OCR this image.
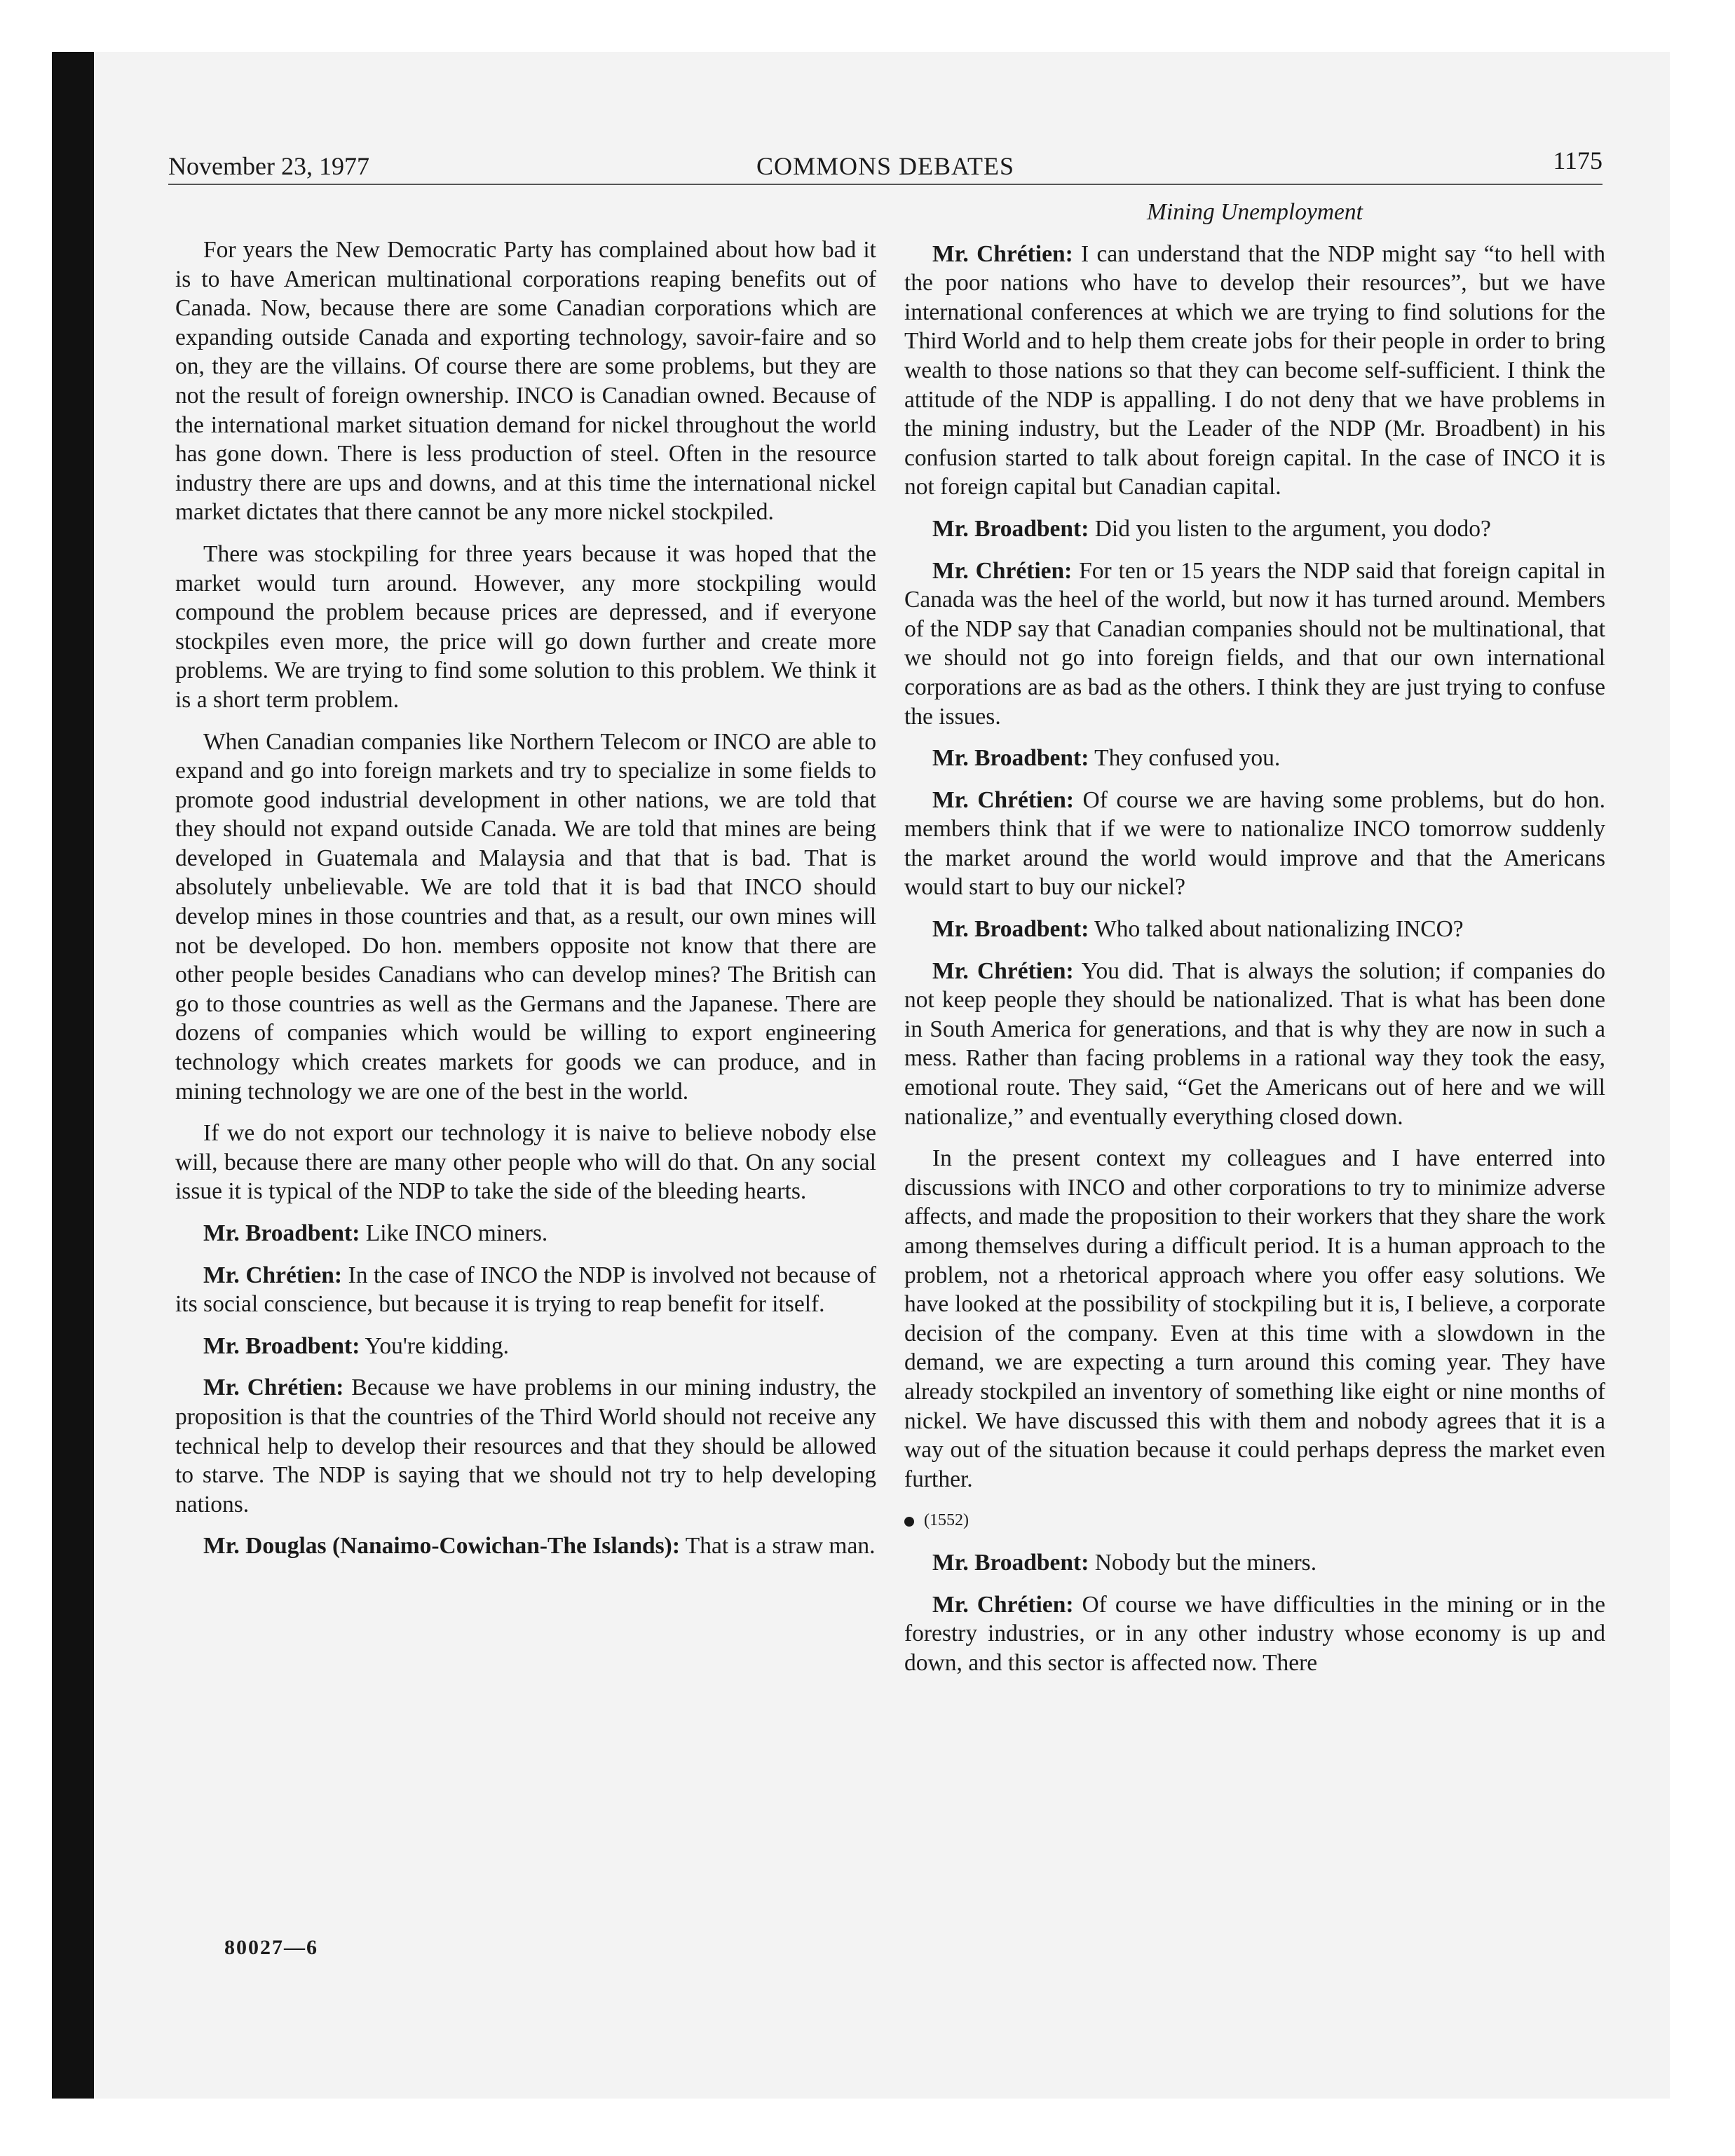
November 23, 1977	COMMONS DEBATES	1175

For years the New Democratic Party has complained about how bad it is to have American multinational corporations reaping benefits out of Canada. Now, because there are some Canadian corporations which are expanding outside Canada and exporting technology, savoir-faire and so on, they are the villains. Of course there are some problems, but they are not the result of foreign ownership. INCO is Canadian owned. Because of the international market situation demand for nickel throughout the world has gone down. There is less production of steel. Often in the resource industry there are ups and downs, and at this time the international nickel market dictates that there cannot be any more nickel stockpiled.

There was stockpiling for three years because it was hoped that the market would turn around. However, any more stockpiling would compound the problem because prices are depressed, and if everyone stockpiles even more, the price will go down further and create more problems. We are trying to find some solution to this problem. We think it is a short term problem.

When Canadian companies like Northern Telecom or INCO are able to expand and go into foreign markets and try to specialize in some fields to promote good industrial development in other nations, we are told that they should not expand outside Canada. We are told that mines are being developed in Guatemala and Malaysia and that that is bad. That is absolutely unbelievable. We are told that it is bad that INCO should develop mines in those countries and that, as a result, our own mines will not be developed. Do hon. members opposite not know that there are other people besides Canadians who can develop mines? The British can go to those countries as well as the Germans and the Japanese. There are dozens of companies which would be willing to export engineering technology which creates markets for goods we can produce, and in mining technology we are one of the best in the world.

If we do not export our technology it is naive to believe nobody else will, because there are many other people who will do that. On any social issue it is typical of the NDP to take the side of the bleeding hearts.

Mr. Broadbent: Like INCO miners.

Mr. Chrétien: In the case of INCO the NDP is involved not because of its social conscience, but because it is trying to reap benefit for itself.

Mr. Broadbent: You're kidding.

Mr. Chrétien: Because we have problems in our mining industry, the proposition is that the countries of the Third World should not receive any technical help to develop their resources and that they should be allowed to starve. The NDP is saying that we should not try to help developing nations.

Mr. Douglas (Nanaimo-Cowichan-The Islands): That is a straw man.

Mining Unemployment

Mr. Chrétien: I can understand that the NDP might say “to hell with the poor nations who have to develop their resources”, but we have international conferences at which we are trying to find solutions for the Third World and to help them create jobs for their people in order to bring wealth to those nations so that they can become self-sufficient. I think the attitude of the NDP is appalling. I do not deny that we have problems in the mining industry, but the Leader of the NDP (Mr. Broadbent) in his confusion started to talk about foreign capital. In the case of INCO it is not foreign capital but Canadian capital.

Mr. Broadbent: Did you listen to the argument, you dodo?

Mr. Chrétien: For ten or 15 years the NDP said that foreign capital in Canada was the heel of the world, but now it has turned around. Members of the NDP say that Canadian companies should not be multinational, that we should not go into foreign fields, and that our own international corporations are as bad as the others. I think they are just trying to confuse the issues.

Mr. Broadbent: They confused you.

Mr. Chrétien: Of course we are having some problems, but do hon. members think that if we were to nationalize INCO tomorrow suddenly the market around the world would improve and that the Americans would start to buy our nickel?

Mr. Broadbent: Who talked about nationalizing INCO?

Mr. Chrétien: You did. That is always the solution; if companies do not keep people they should be nationalized. That is what has been done in South America for generations, and that is why they are now in such a mess. Rather than facing problems in a rational way they took the easy, emotional route. They said, “Get the Americans out of here and we will nationalize,” and eventually everything closed down.

In the present context my colleagues and I have enterred into discussions with INCO and other corporations to try to minimize adverse affects, and made the proposition to their workers that they share the work among themselves during a difficult period. It is a human approach to the problem, not a rhetorical approach where you offer easy solutions. We have looked at the possibility of stockpiling but it is, I believe, a corporate decision of the company. Even at this time with a slowdown in the demand, we are expecting a turn around this coming year. They have already stockpiled an inventory of something like eight or nine months of nickel. We have discussed this with them and nobody agrees that it is a way out of the situation because it could perhaps depress the market even further.

(1552)

Mr. Broadbent: Nobody but the miners.

Mr. Chrétien: Of course we have difficulties in the mining or in the forestry industries, or in any other industry whose economy is up and down, and this sector is affected now. There

80027—6
